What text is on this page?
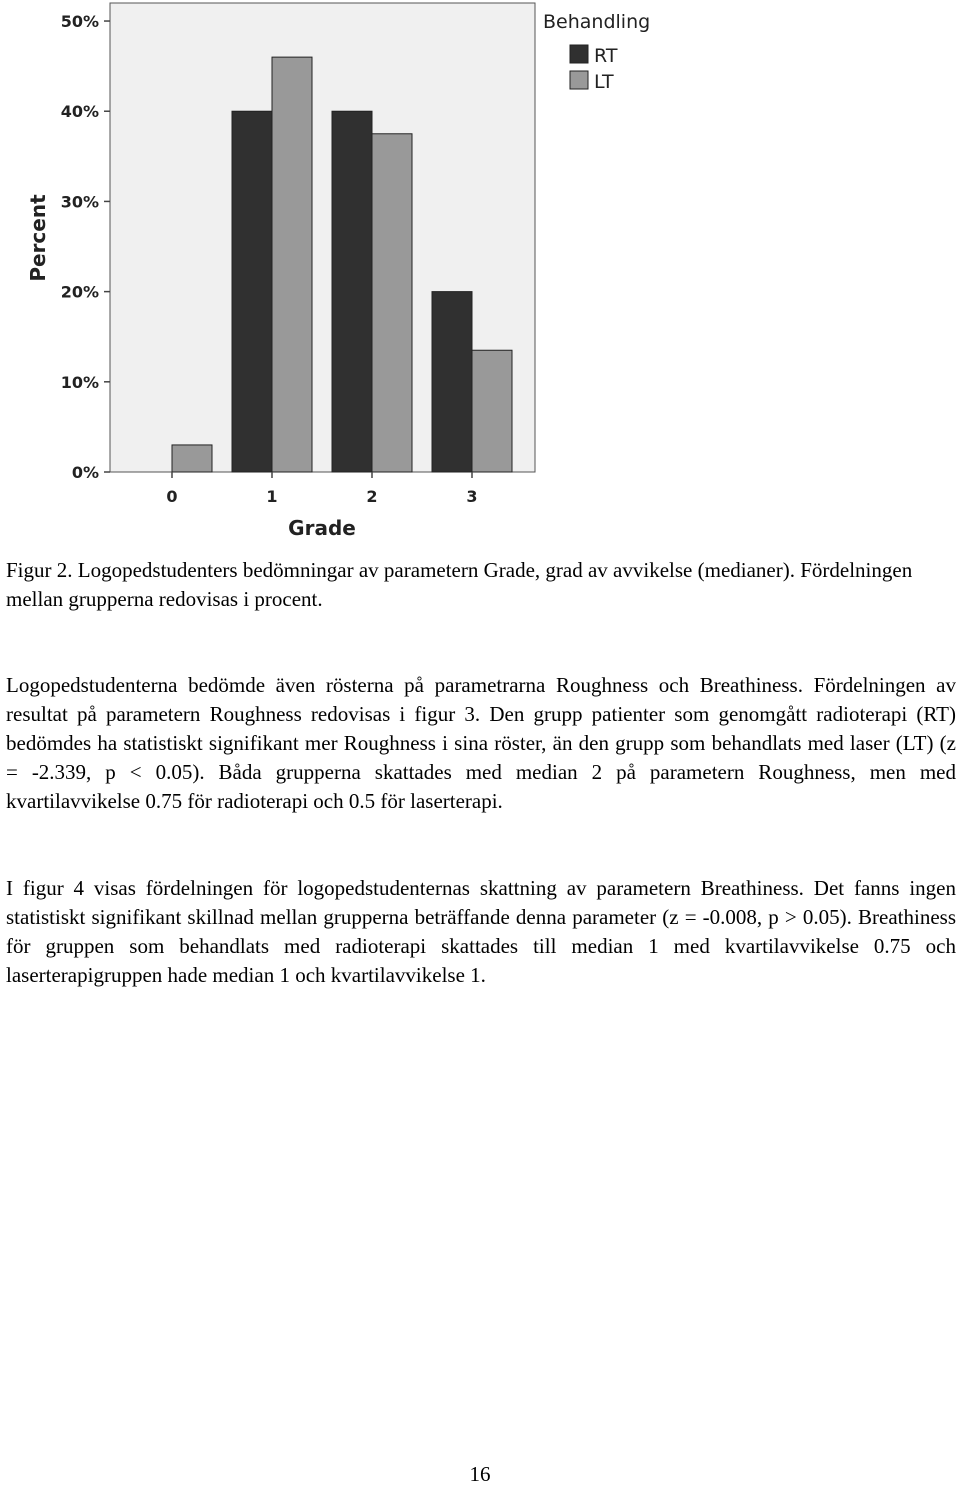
0%
10%
20%
30%
40%
50%
0	1	2	3
Grade
Percent
Behandling
RT
LT

Figur 2. Logopedstudenters bedömningar av parametern Grade, grad av avvikelse (medianer). Fördelningen mellan grupperna redovisas i procent.

Logopedstudenterna bedömde även rösterna på parametrarna Roughness och Breathiness. Fördelningen av resultat på parametern Roughness redovisas i figur 3. Den grupp patienter som genomgått radioterapi (RT) bedömdes ha statistiskt signifikant mer Roughness i sina röster, än den grupp som behandlats med laser (LT) (z = -2.339, p < 0.05). Båda grupperna skattades med median 2 på parametern Roughness, men med kvartilavvikelse 0.75 för radioterapi och 0.5 för laserterapi.

I figur 4 visas fördelningen för logopedstudenternas skattning av parametern Breathiness. Det fanns ingen statistiskt signifikant skillnad mellan grupperna beträffande denna parameter (z = -0.008, p > 0.05). Breathiness för gruppen som behandlats med radioterapi skattades till median 1 med kvartilavvikelse 0.75 och laserterapigruppen hade median 1 och kvartilavvikelse 1.

16
